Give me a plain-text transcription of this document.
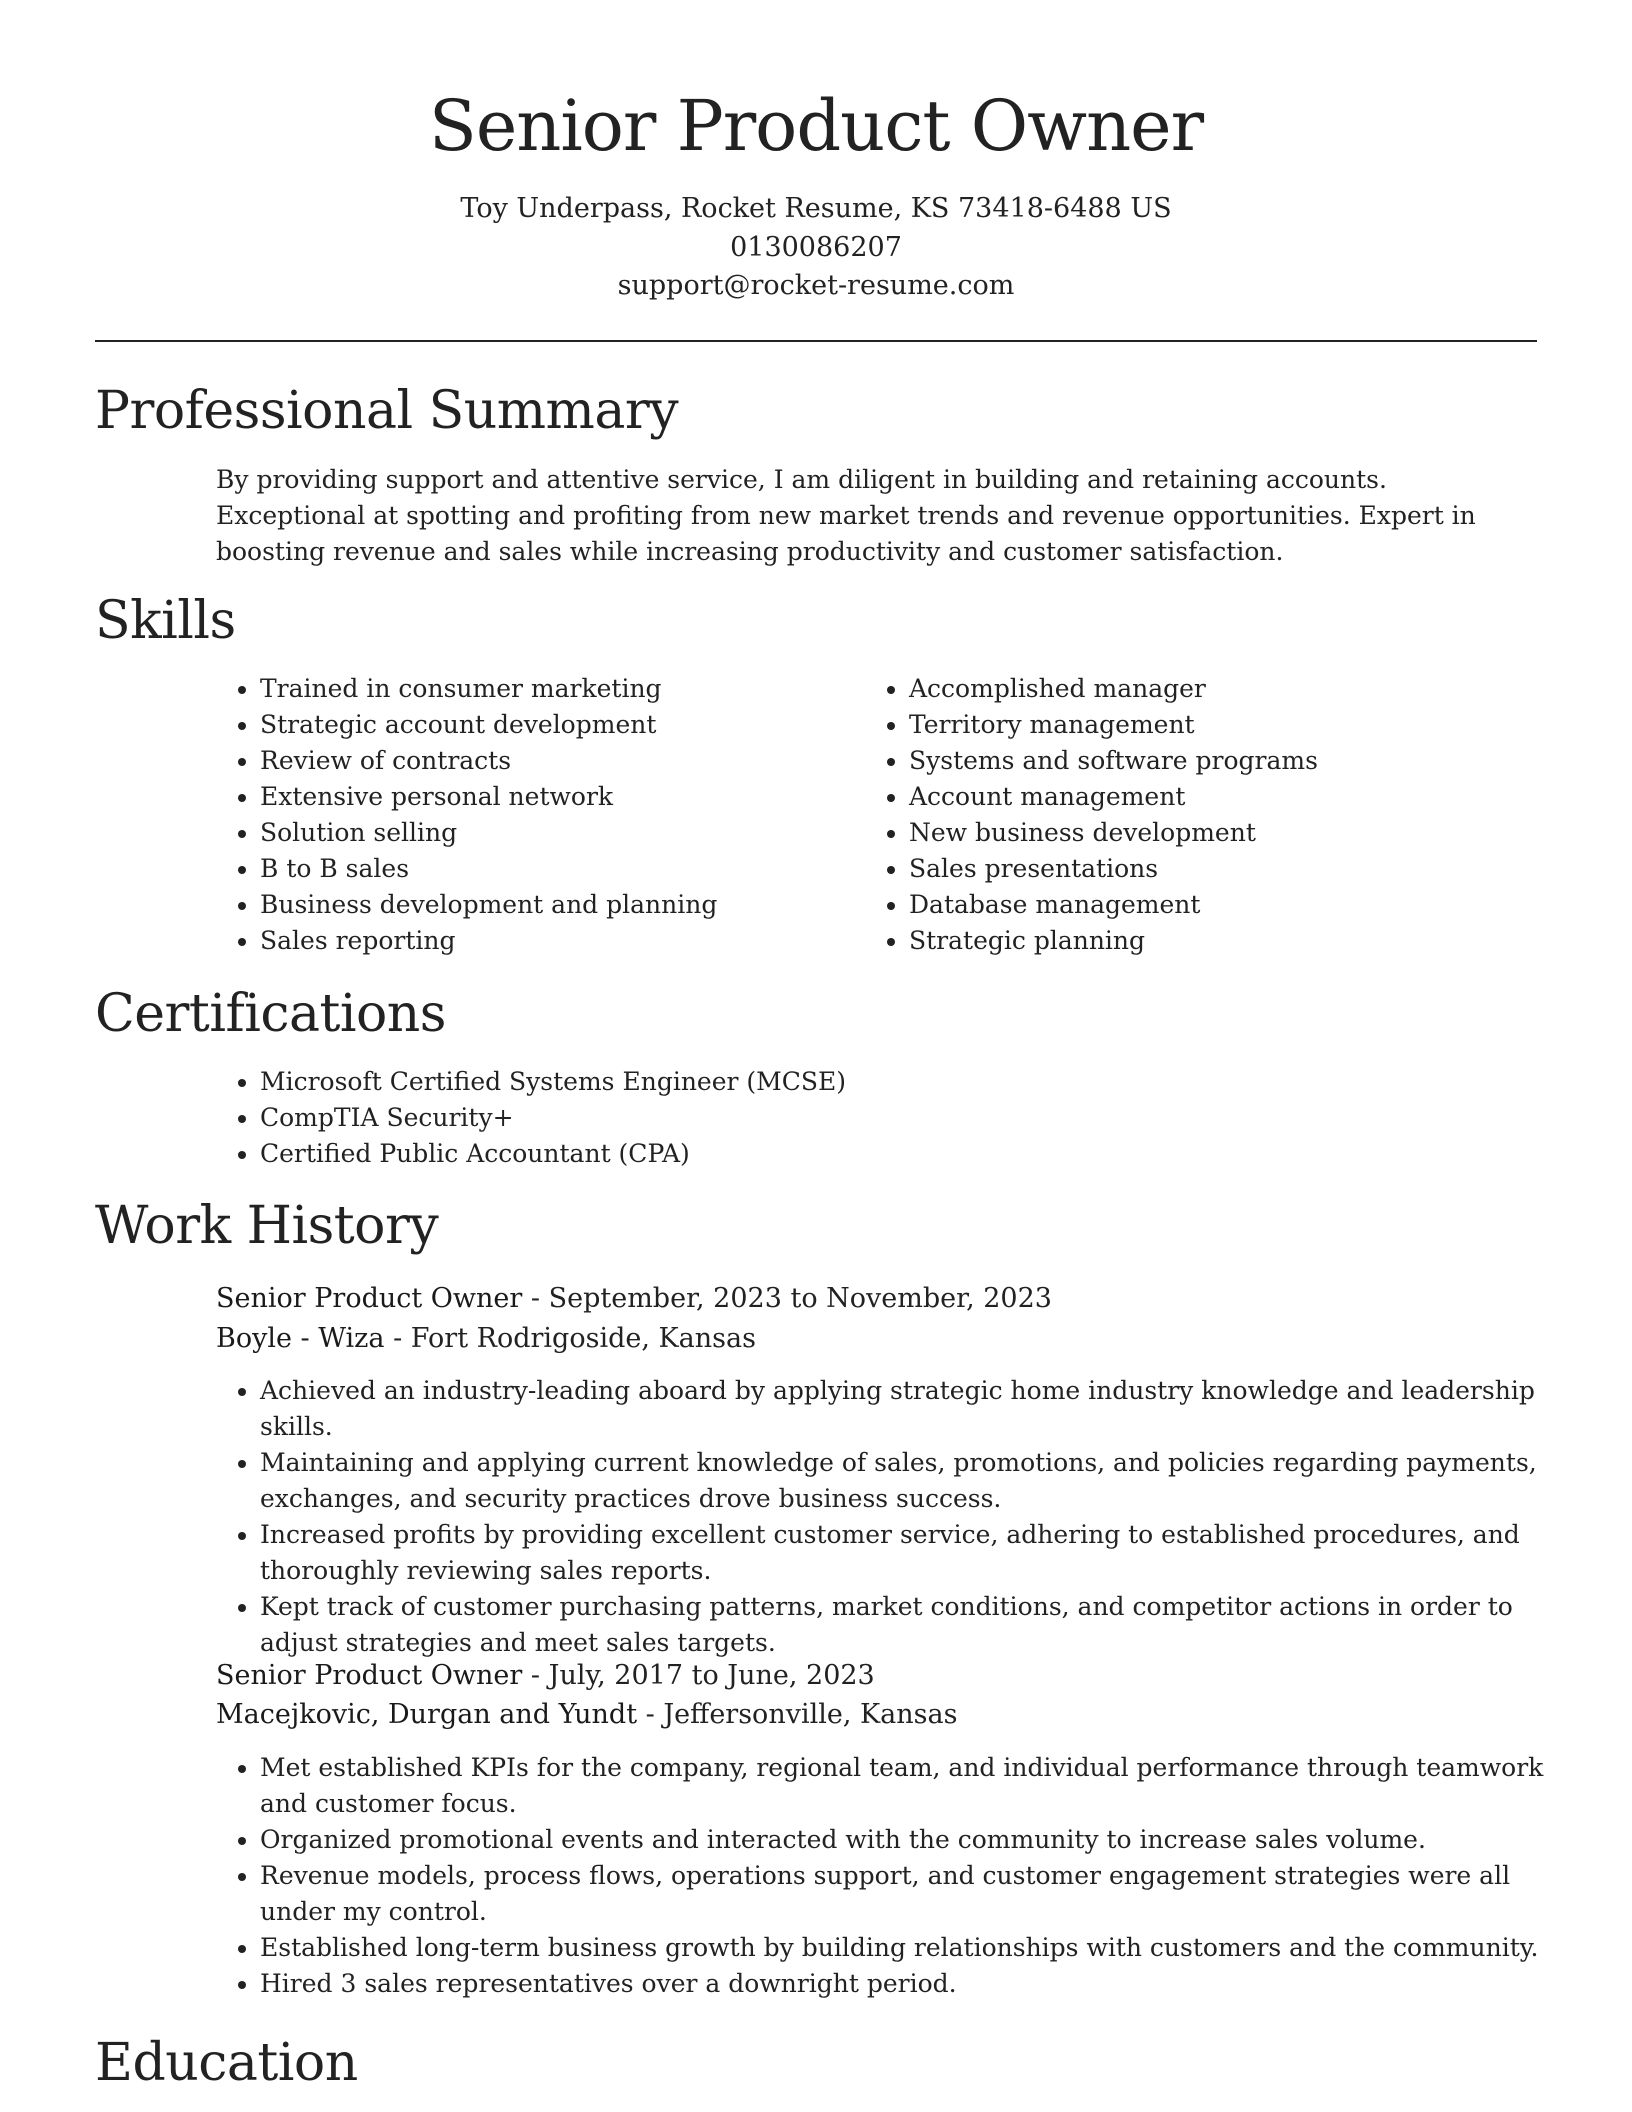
Senior Product Owner
Toy Underpass, Rocket Resume, KS 73418-6488 US
0130086207
support@rocket-resume.com
Professional Summary
By providing support and attentive service, I am diligent in building and retaining accounts. Exceptional at spotting and profiting from new market trends and revenue opportunities. Expert in boosting revenue and sales while increasing productivity and customer satisfaction.
Skills
• Trained in consumer marketing
• Strategic account development
• Review of contracts
• Extensive personal network
• Solution selling
• B to B sales
• Business development and planning
• Sales reporting
• Accomplished manager
• Territory management
• Systems and software programs
• Account management
• New business development
• Sales presentations
• Database management
• Strategic planning
Certifications
• Microsoft Certified Systems Engineer (MCSE)
• CompTIA Security+
• Certified Public Accountant (CPA)
Work History
Senior Product Owner - September, 2023 to November, 2023
Boyle - Wiza - Fort Rodrigoside, Kansas
• Achieved an industry-leading aboard by applying strategic home industry knowledge and leadership skills.
• Maintaining and applying current knowledge of sales, promotions, and policies regarding payments, exchanges, and security practices drove business success.
• Increased profits by providing excellent customer service, adhering to established procedures, and thoroughly reviewing sales reports.
• Kept track of customer purchasing patterns, market conditions, and competitor actions in order to adjust strategies and meet sales targets.
Senior Product Owner - July, 2017 to June, 2023
Macejkovic, Durgan and Yundt - Jeffersonville, Kansas
• Met established KPIs for the company, regional team, and individual performance through teamwork and customer focus.
• Organized promotional events and interacted with the community to increase sales volume.
• Revenue models, process flows, operations support, and customer engagement strategies were all under my control.
• Established long-term business growth by building relationships with customers and the community.
• Hired 3 sales representatives over a downright period.
Education
